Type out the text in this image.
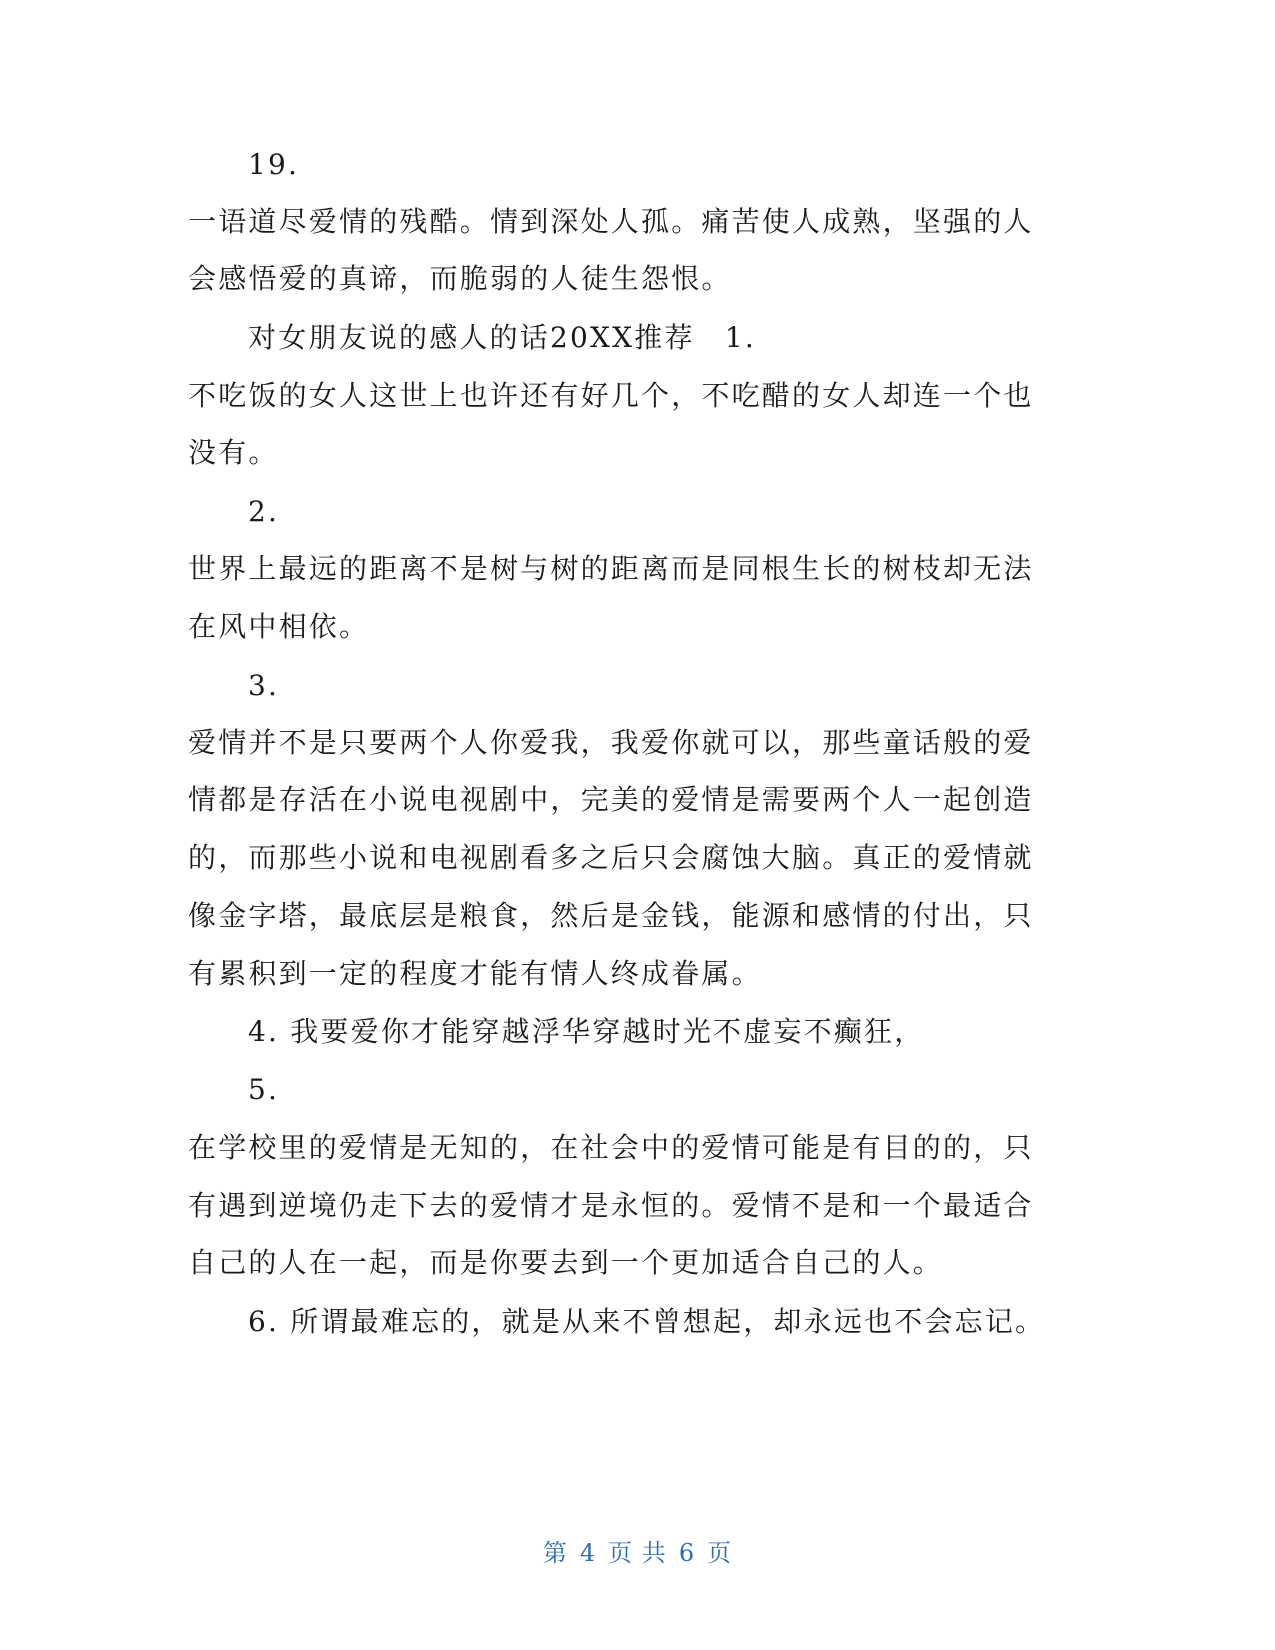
19.
一语道尽爱情的残酷。情到深处人孤。痛苦使人成熟，坚强的人
会感悟爱的真谛，而脆弱的人徒生怨恨。
对女朋友说的感人的话20XX推荐　1.
不吃饭的女人这世上也许还有好几个，不吃醋的女人却连一个也
没有。
2.
世界上最远的距离不是树与树的距离而是同根生长的树枝却无法
在风中相依。
3.
爱情并不是只要两个人你爱我，我爱你就可以，那些童话般的爱
情都是存活在小说电视剧中，完美的爱情是需要两个人一起创造
的，而那些小说和电视剧看多之后只会腐蚀大脑。真正的爱情就
像金字塔，最底层是粮食，然后是金钱，能源和感情的付出，只
有累积到一定的程度才能有情人终成眷属。
4. 我要爱你才能穿越浮华穿越时光不虚妄不癫狂，
5.
在学校里的爱情是无知的，在社会中的爱情可能是有目的的，只
有遇到逆境仍走下去的爱情才是永恒的。爱情不是和一个最适合
自己的人在一起，而是你要去到一个更加适合自己的人。
6. 所谓最难忘的，就是从来不曾想起，却永远也不会忘记。
第 4 页 共 6 页
